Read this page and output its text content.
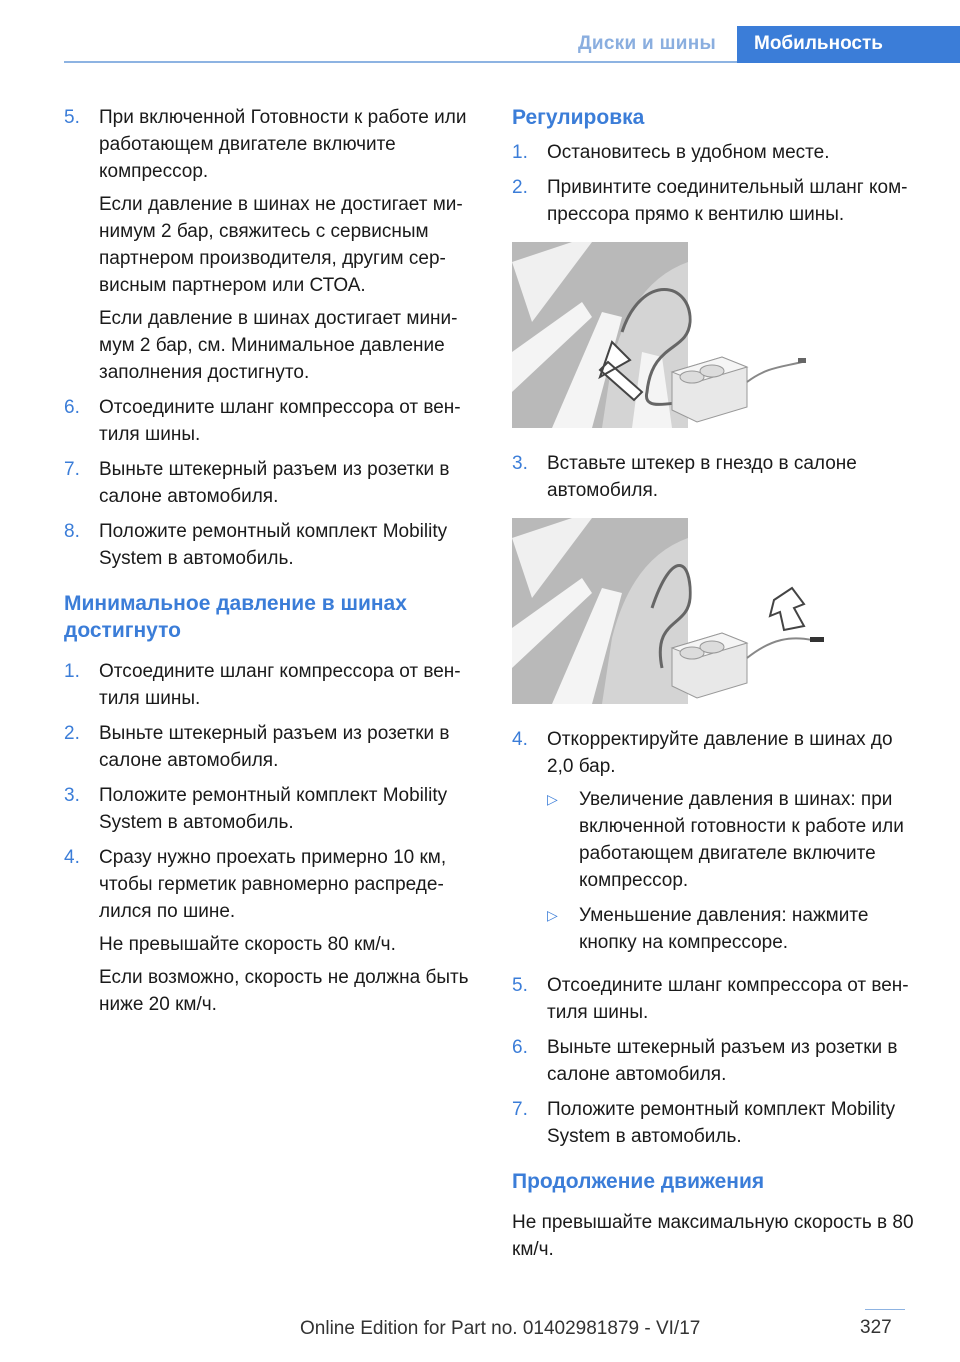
Диски и шины Мобильность
5.	При включенной Готовности к работе или работающем двигателе включите компрессор.

Если давление в шинах не достигает минимум 2 бар, свяжитесь с сервисным партнером производителя, другим сервисным партнером или СТОА.

Если давление в шинах достигает минимум 2 бар, см. Минимальное давление заполнения достигнуто.

6.	Отсоедините шланг компрессора от вентиля шины.

7.	Выньте штекерный разъем из розетки в салоне автомобиля.

8.	Положите ремонтный комплект Mobility System в автомобиль.

Минимальное давление в шинах достигнуто
1.	Отсоедините шланг компрессора от вентиля шины.

2.	Выньте штекерный разъем из розетки в салоне автомобиля.

3.	Положите ремонтный комплект Mobility System в автомобиль.

4.	Сразу нужно проехать примерно 10 км, чтобы герметик равномерно распределился по шине.

Не превышайте скорость 80 км/ч.

Если возможно, скорость не должна быть ниже 20 км/ч.

Регулировка
1.	Остановитесь в удобном месте.

2.	Привинтите соединительный шланг компрессора прямо к вентилю шины.

3.	Вставьте штекер в гнездо в салоне автомобиля.

4.	Откорректируйте давление в шинах до 2,0 бар.

▷	Увеличение давления в шинах: при включенной готовности к работе или работающем двигателе включите компрессор.
▷	Уменьшение давления: нажмите кнопку на компрессоре.
5.	Отсоедините шланг компрессора от вентиля шины.

6.	Выньте штекерный разъем из розетки в салоне автомобиля.

7.	Положите ремонтный комплект Mobility System в автомобиль.

Продолжение движения
Не превышайте максимальную скорость в 80 км/ч.
327
Online Edition for Part no. 01402981879 - VI/17
